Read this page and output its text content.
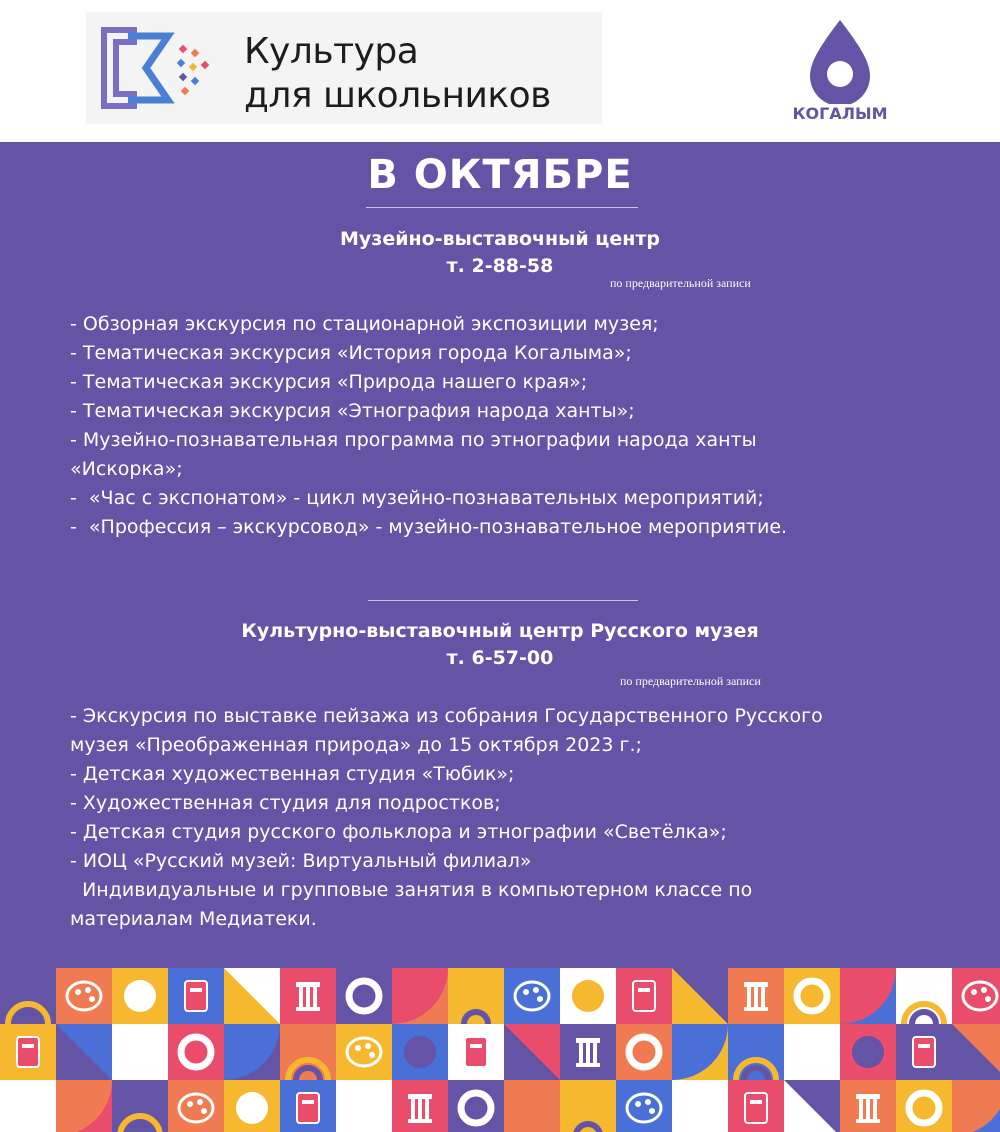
Культура
для школьников	КОГАЛЫМ
В ОКТЯБРЕ
Музейно-выставочный центр
т. 2-88-58
по предварительной записи
- Обзорная экскурсия по стационарной экспозиции музея;
- Тематическая экскурсия «История города Когалыма»;
- Тематическая экскурсия «Природа нашего края»;
- Тематическая экскурсия «Этнография народа ханты»;
- Музейно-познавательная программа по этнографии народа ханты
«Искорка»;
-  «Час с экспонатом» - цикл музейно-познавательных мероприятий;
-  «Профессия – экскурсовод» - музейно-познавательное мероприятие.
Культурно-выставочный центр Русского музея
т. 6-57-00
по предварительной записи
- Экскурсия по выставке пейзажа из собрания Государственного Русского
музея «Преображенная природа» до 15 октября 2023 г.;
- Детская художественная студия «Тюбик»;
- Художественная студия для подростков;
- Детская студия русского фольклора и этнографии «Светёлка»;
- ИОЦ «Русский музей: Виртуальный филиал»
Индивидуальные и групповые занятия в компьютерном классе по
материалам Медиатеки.
